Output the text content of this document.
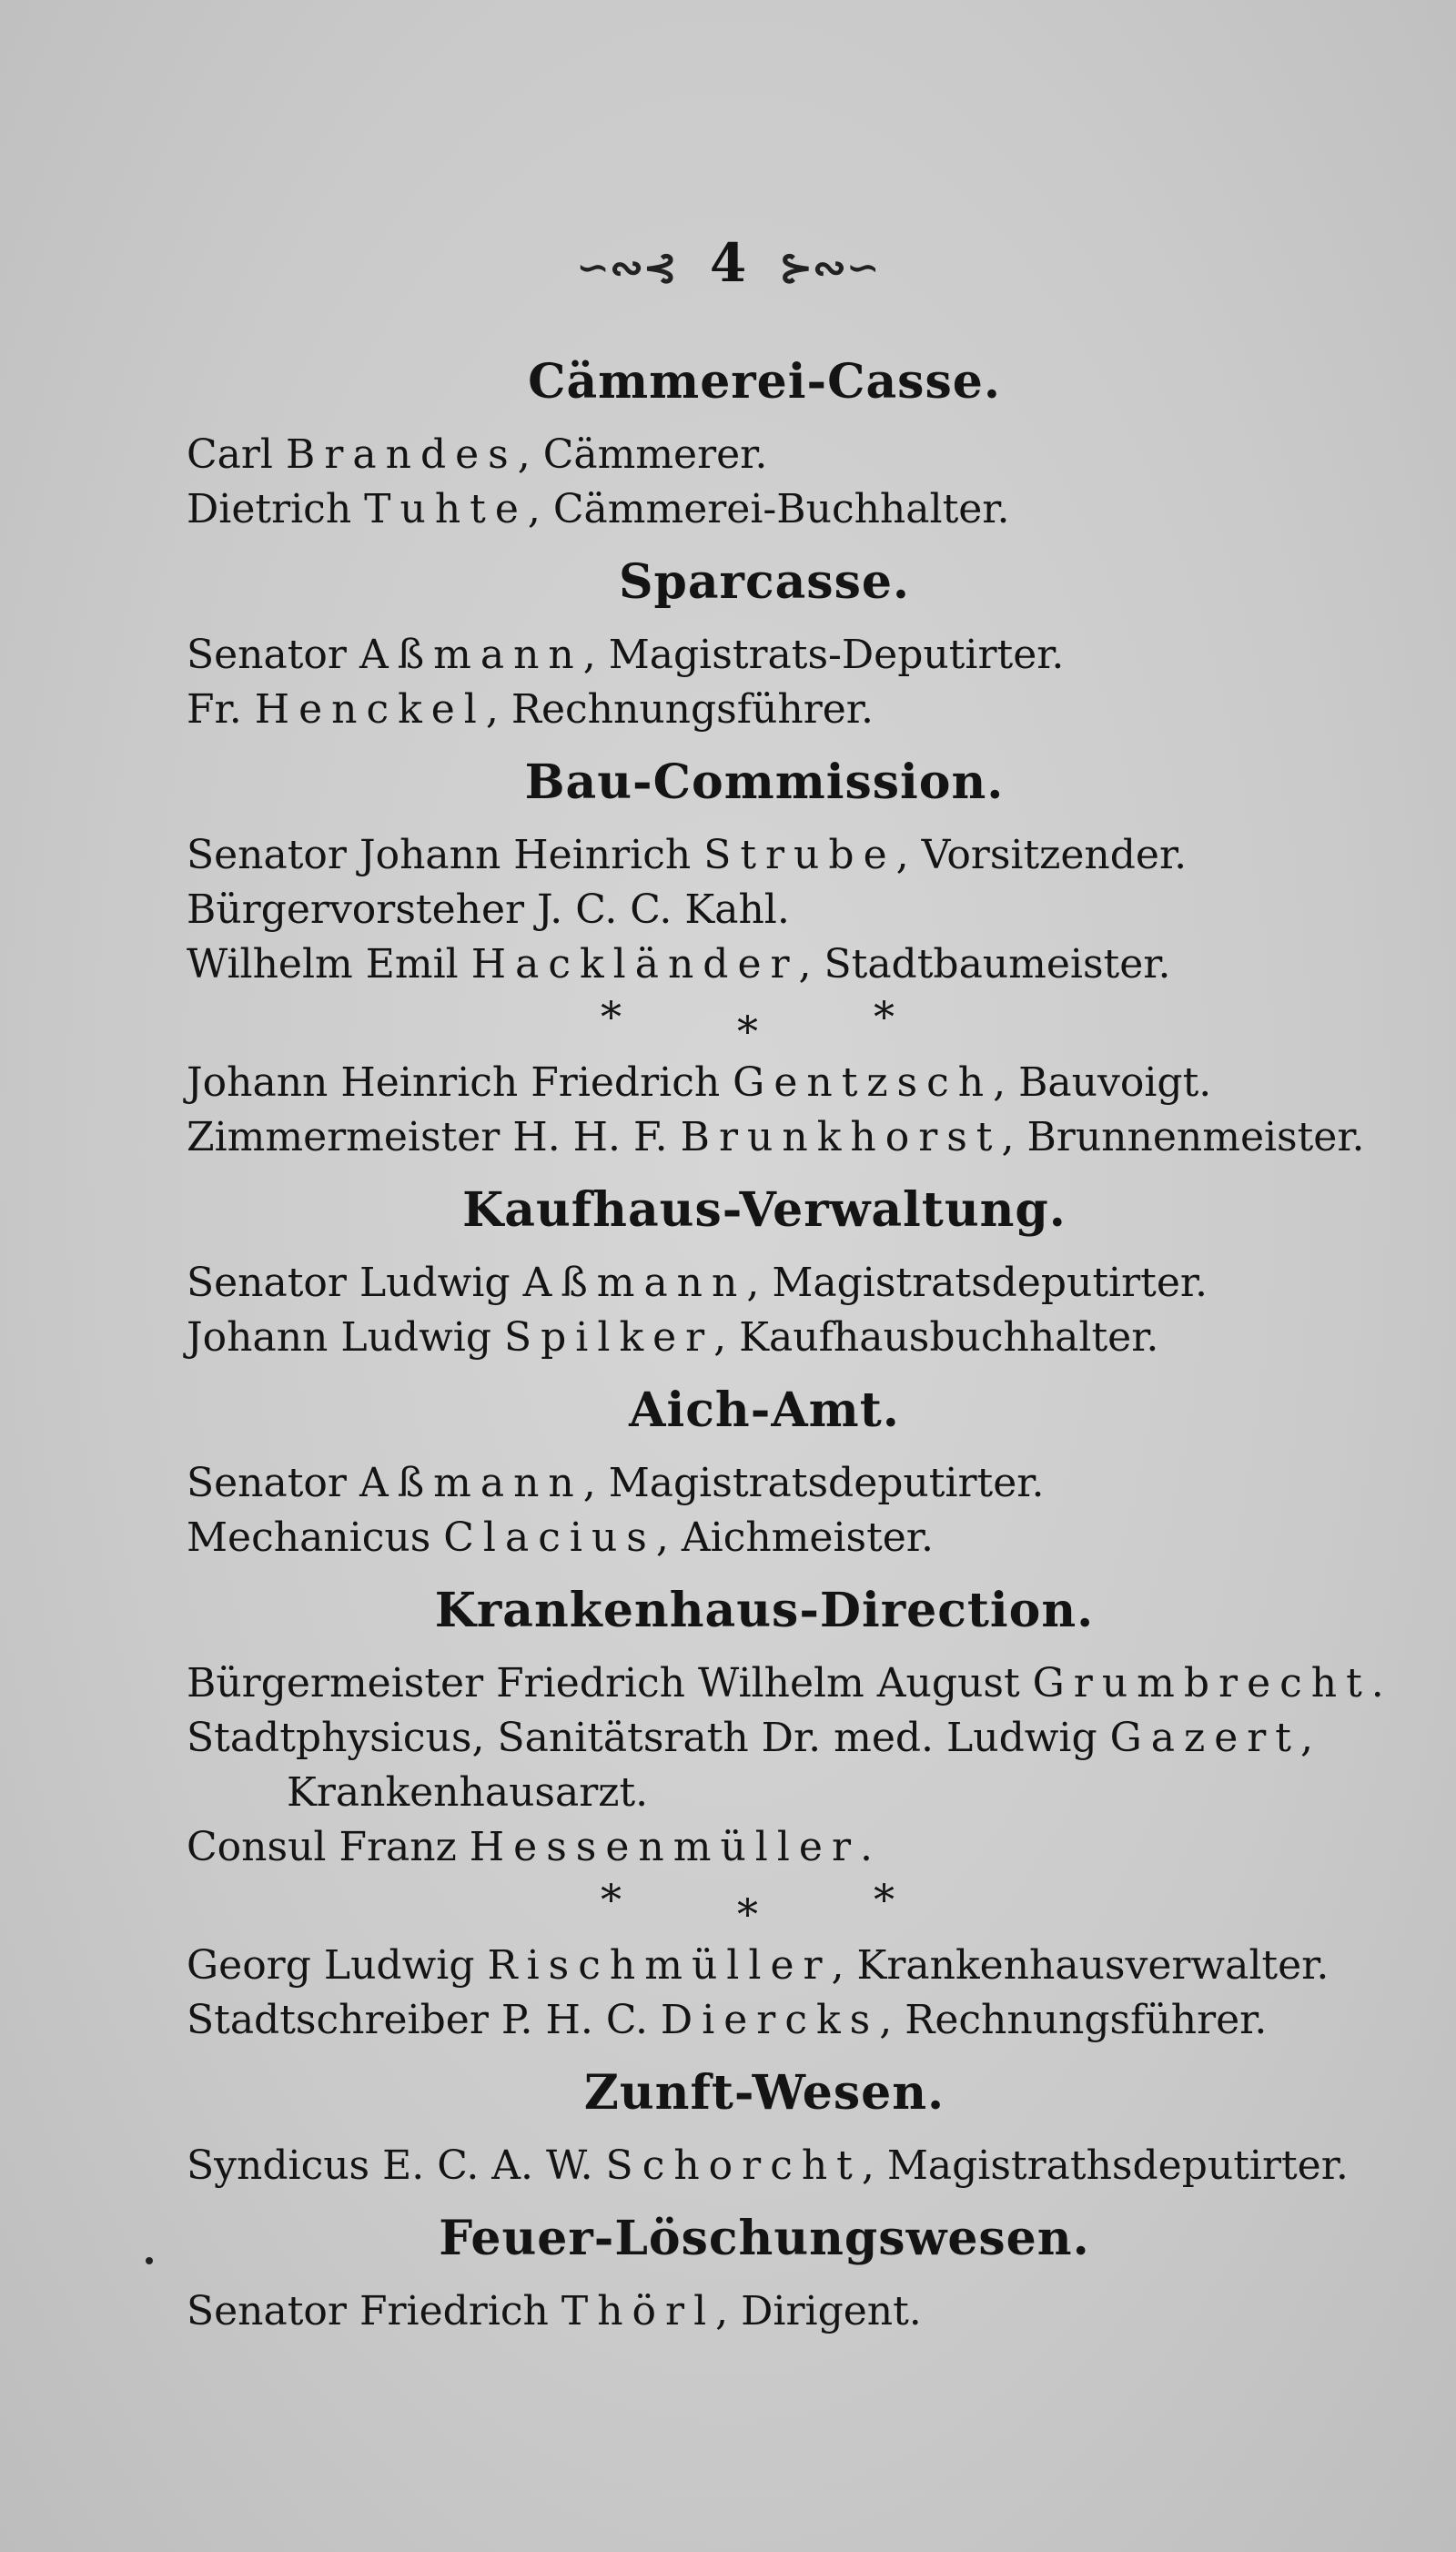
∽∾⊰ 4 ⊱∾∽
Cämmerei-Casse.
Carl Brandes, Cämmerer.
Dietrich Tuhte, Cämmerei-Buchhalter.
Sparcasse.
Senator Aßmann, Magistrats-Deputirter.
Fr. Henckel, Rechnungsführer.
Bau-Commission.
Senator Johann Heinrich Strube, Vorsitzender.
Bürgervorsteher J. C. C. Kahl.
Wilhelm Emil Hackländer, Stadtbaumeister.
*	*	*
Johann Heinrich Friedrich Gentzsch, Bauvoigt.
Zimmermeister H. H. F. Brunkhorst, Brunnenmeister.
Kaufhaus-Verwaltung.
Senator Ludwig Aßmann, Magistratsdeputirter.
Johann Ludwig Spilker, Kaufhausbuchhalter.
Aich-Amt.
Senator Aßmann, Magistratsdeputirter.
Mechanicus Clacius, Aichmeister.
Krankenhaus-Direction.
Bürgermeister Friedrich Wilhelm August Grumbrecht.
Stadtphysicus, Sanitätsrath Dr. med. Ludwig Gazert,
Krankenhausarzt.
Consul Franz Hessenmüller.
*	*	*
Georg Ludwig Rischmüller, Krankenhausverwalter.
Stadtschreiber P. H. C. Diercks, Rechnungsführer.
Zunft-Wesen.
Syndicus E. C. A. W. Schorcht, Magistrathsdeputirter.
Feuer-Löschungswesen.
Senator Friedrich Thörl, Dirigent.
